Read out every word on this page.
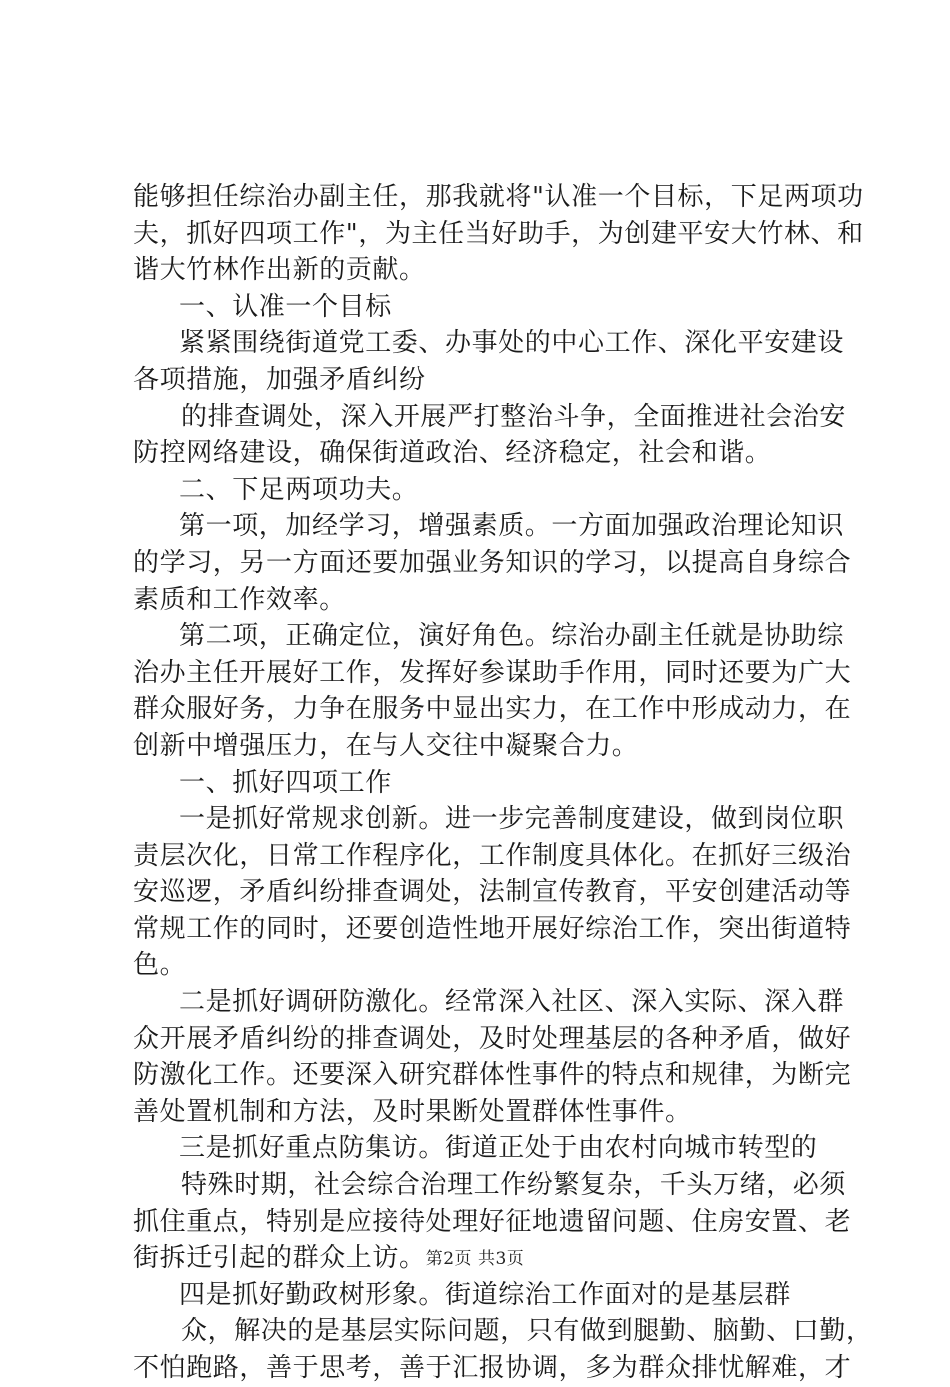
能够担任综治办副主任，那我就将"认准一个目标，下足两项功
夫，抓好四项工作"，为主任当好助手，为创建平安大竹林、和
谐大竹林作出新的贡献。
一、认准一个目标
紧紧围绕街道党工委、办事处的中心工作、深化平安建设
各项措施，加强矛盾纠纷
的排查调处，深入开展严打整治斗争，全面推进社会治安
防控网络建设，确保街道政治、经济稳定，社会和谐。
二、下足两项功夫。
第一项，加经学习，增强素质。一方面加强政治理论知识
的学习，另一方面还要加强业务知识的学习，以提高自身综合
素质和工作效率。
第二项，正确定位，演好角色。综治办副主任就是协助综
治办主任开展好工作，发挥好参谋助手作用，同时还要为广大
群众服好务，力争在服务中显出实力，在工作中形成动力，在
创新中增强压力，在与人交往中凝聚合力。
一、抓好四项工作
一是抓好常规求创新。进一步完善制度建设，做到岗位职
责层次化，日常工作程序化，工作制度具体化。在抓好三级治
安巡逻，矛盾纠纷排查调处，法制宣传教育，平安创建活动等
常规工作的同时，还要创造性地开展好综治工作，突出街道特
色。
二是抓好调研防激化。经常深入社区、深入实际、深入群
众开展矛盾纠纷的排查调处，及时处理基层的各种矛盾，做好
防激化工作。还要深入研究群体性事件的特点和规律，为断完
善处置机制和方法，及时果断处置群体性事件。
三是抓好重点防集访。街道正处于由农村向城市转型的
特殊时期，社会综合治理工作纷繁复杂，千头万绪，必须
抓住重点，特别是应接待处理好征地遗留问题、住房安置、老
街拆迁引起的群众上访。
四是抓好勤政树形象。街道综治工作面对的是基层群
众，解决的是基层实际问题，只有做到腿勤、脑勤、口勤，
不怕跑路，善于思考，善于汇报协调，多为群众排忧解难，才
第2页 共3页
